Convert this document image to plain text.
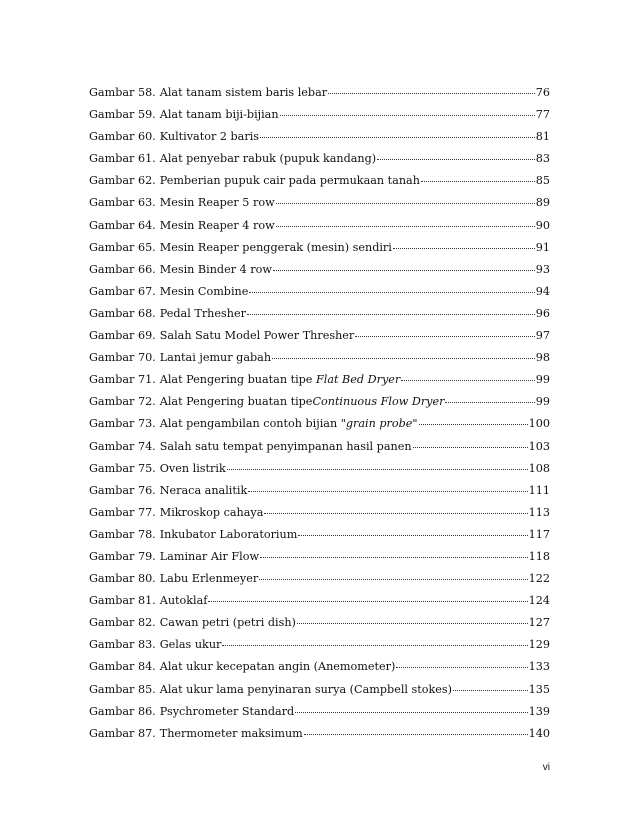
Gambar 58. Alat tanam sistem baris lebar	76
Gambar 59. Alat tanam biji-bijian	77
Gambar 60. Kultivator 2 baris	81
Gambar 61. Alat penyebar rabuk (pupuk kandang)	83
Gambar 62. Pemberian pupuk cair pada permukaan tanah	85
Gambar 63. Mesin Reaper 5 row	89
Gambar 64. Mesin Reaper 4 row	90
Gambar 65. Mesin Reaper penggerak (mesin) sendiri	91
Gambar 66. Mesin Binder 4 row	93
Gambar 67. Mesin Combine	94
Gambar 68. Pedal Trhesher	96
Gambar 69. Salah Satu Model Power Thresher	97
Gambar 70. Lantai jemur gabah	98
Gambar 71. Alat Pengering buatan tipe Flat Bed Dryer	99
Gambar 72. Alat Pengering buatan tipeContinuous Flow Dryer	99
Gambar 73. Alat pengambilan contoh bijian "grain probe"	100
Gambar 74. Salah satu tempat penyimpanan hasil panen	103
Gambar 75. Oven listrik	108
Gambar 76. Neraca analitik	111
Gambar 77. Mikroskop cahaya	113
Gambar 78. Inkubator Laboratorium	117
Gambar 79. Laminar Air Flow	118
Gambar 80. Labu Erlenmeyer	122
Gambar 81. Autoklaf	124
Gambar 82. Cawan petri (petri dish)	127
Gambar 83. Gelas ukur	129
Gambar 84. Alat ukur kecepatan angin (Anemometer)	133
Gambar 85. Alat ukur lama penyinaran surya (Campbell stokes)	135
Gambar 86. Psychrometer Standard	139
Gambar 87. Thermometer maksimum	140
vi
